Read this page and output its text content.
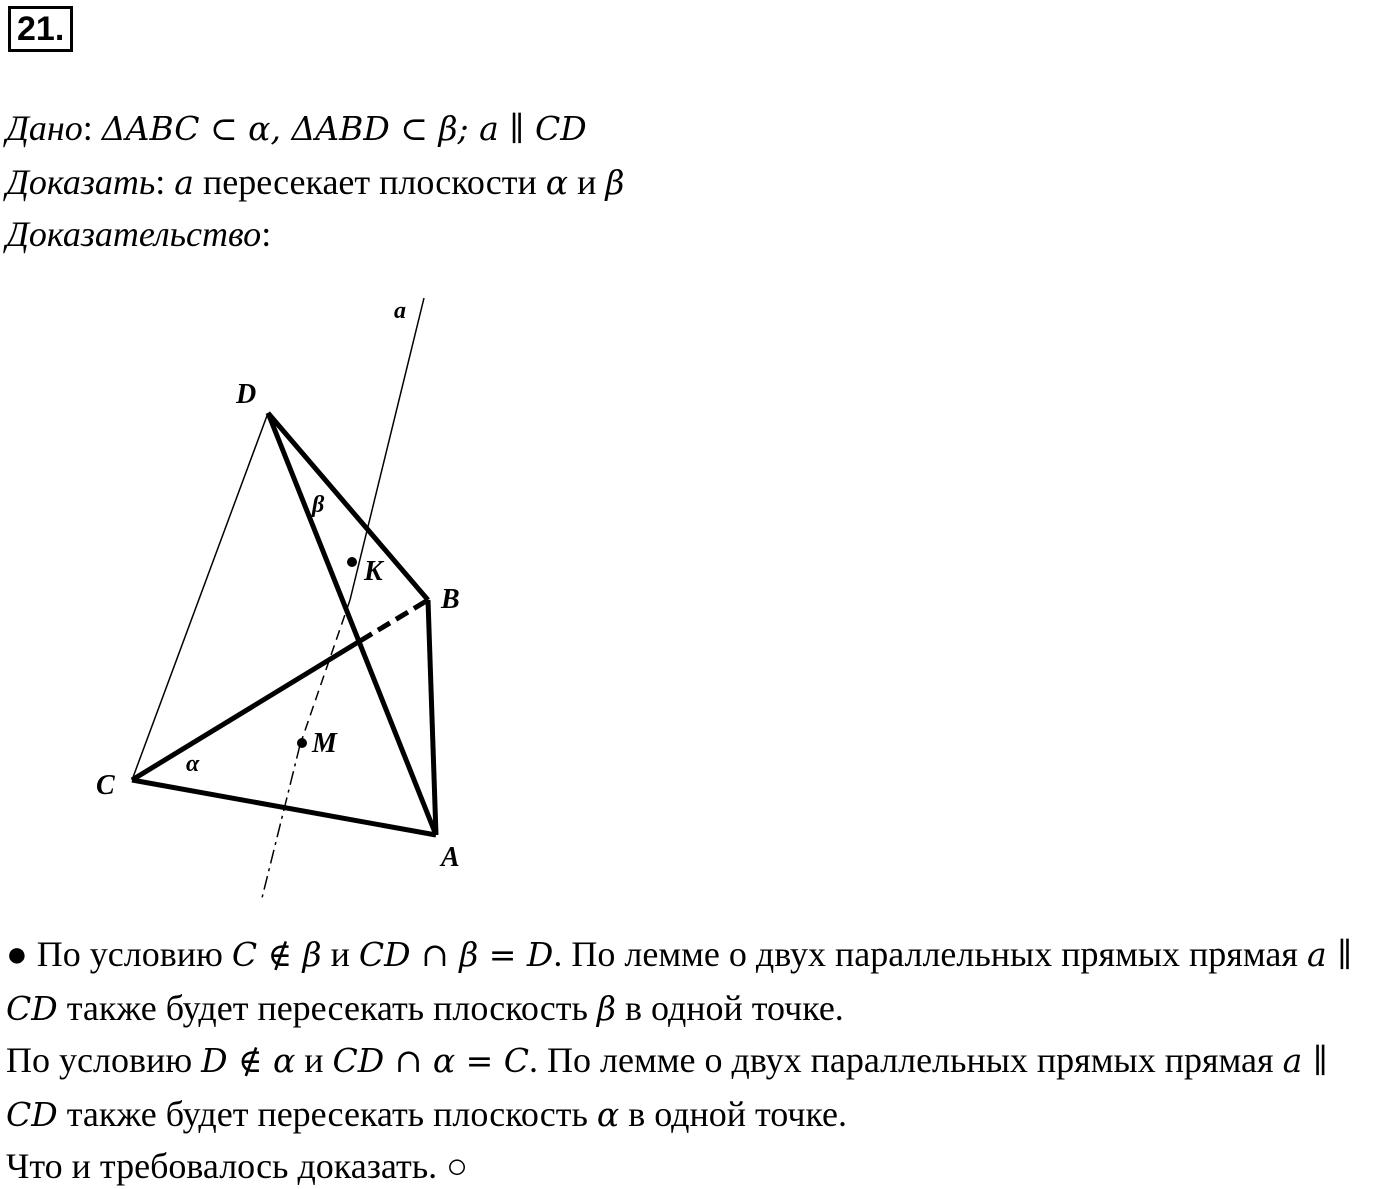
21.
Дано: ΔABC ⊂ α, ΔABD ⊂ β; a ∥ CD
Доказать: a пересекает плоскости α и β
Доказательство:
D
B
C
A
K
M
a
α
β
● По условию C ∉ β и CD ∩ β = D. По лемме о двух параллельных прямых прямая a ∥
CD также будет пересекать плоскость β в одной точке.
По условию D ∉ α и CD ∩ α = C. По лемме о двух параллельных прямых прямая a ∥
CD также будет пересекать плоскость α в одной точке.
Что и требовалось доказать. ○
